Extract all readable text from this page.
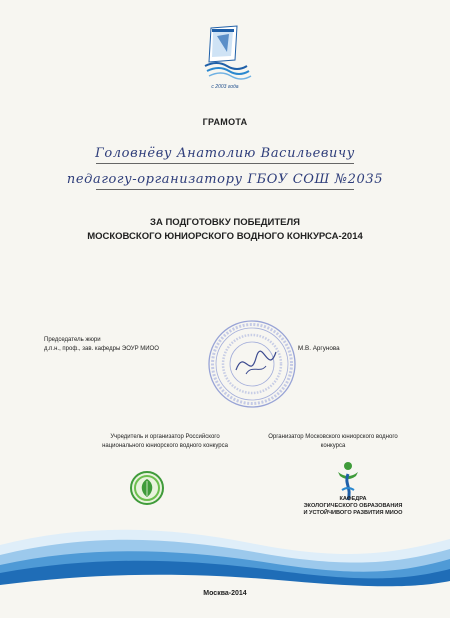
с 2003 года
ГРАМОТА
Головнёву Анатолию Васильевичу
педагогу-организатору ГБОУ СОШ №2035
ЗА ПОДГОТОВКУ ПОБЕДИТЕЛЯ
МОСКОВСКОГО ЮНИОРСКОГО ВОДНОГО КОНКУРСА-2014
Председатель жюри
д.п.н., проф., зав. кафедры ЭОУР МИОО	М.В. Аргунова
Учредитель и организатор Российского национального юниорского водного конкурса
Организатор Московского юниорского водного конкурса
КАФЕДРА
ЭКОЛОГИЧЕСКОГО ОБРАЗОВАНИЯ
И УСТОЙЧИВОГО РАЗВИТИЯ МИОО
Москва-2014
